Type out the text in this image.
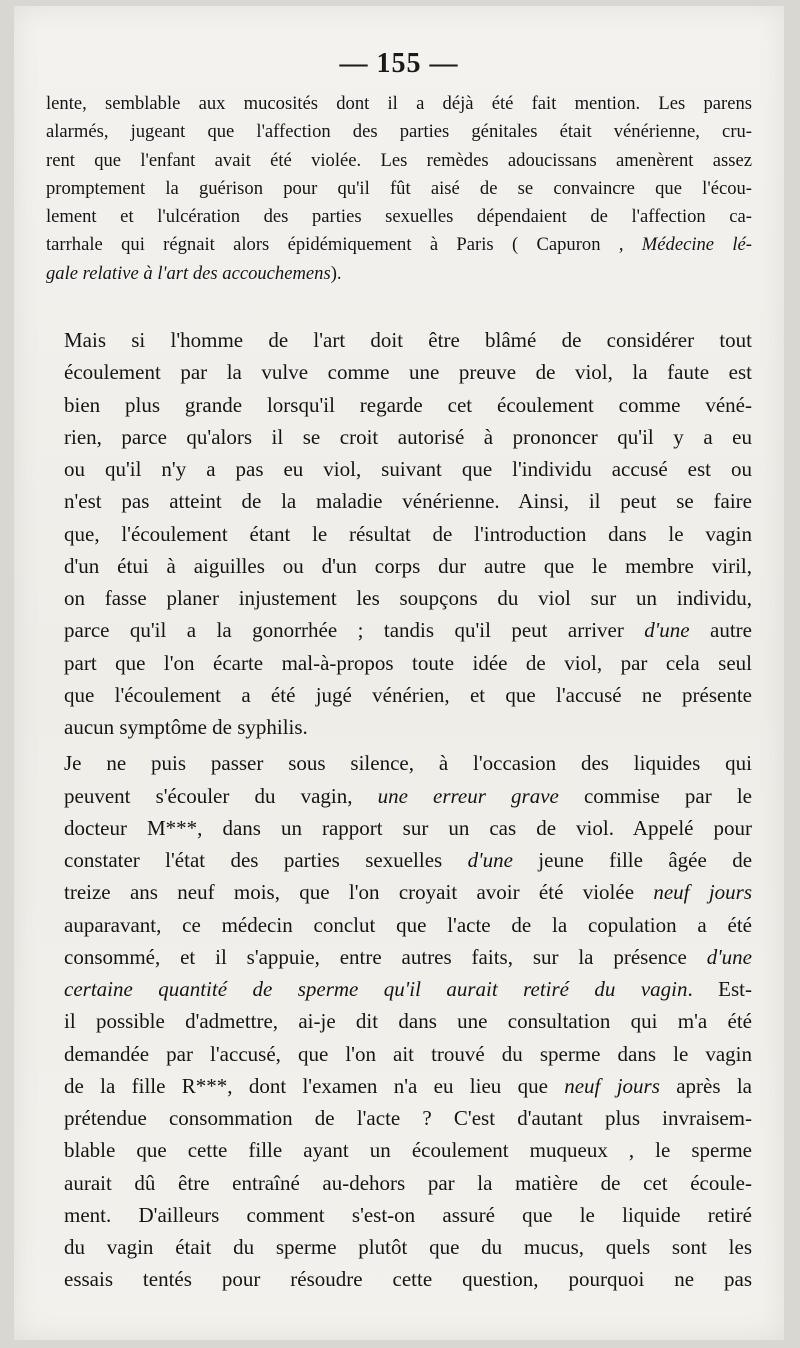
— 155 —
lente, semblable aux mucosités dont il a déjà été fait mention. Les parens
alarmés, jugeant que l'affection des parties génitales était vénérienne, cru-
rent que l'enfant avait été violée. Les remèdes adoucissans amenèrent assez
promptement la guérison pour qu'il fût aisé de se convaincre que l'écou-
lement et l'ulcération des parties sexuelles dépendaient de l'affection ca-
tarrhale qui régnait alors épidémiquement à Paris ( Capuron , Médecine lé-
gale relative à l'art des accouchemens).
Mais si l'homme de l'art doit être blâmé de considérer tout
écoulement par la vulve comme une preuve de viol, la faute est
bien plus grande lorsqu'il regarde cet écoulement comme véné-
rien, parce qu'alors il se croit autorisé à prononcer qu'il y a eu
ou qu'il n'y a pas eu viol, suivant que l'individu accusé est ou
n'est pas atteint de la maladie vénérienne. Ainsi, il peut se faire
que, l'écoulement étant le résultat de l'introduction dans le vagin
d'un étui à aiguilles ou d'un corps dur autre que le membre viril,
on fasse planer injustement les soupçons du viol sur un individu,
parce qu'il a la gonorrhée ; tandis qu'il peut arriver d'une autre
part que l'on écarte mal-à-propos toute idée de viol, par cela seul
que l'écoulement a été jugé vénérien, et que l'accusé ne présente
aucun symptôme de syphilis.
Je ne puis passer sous silence, à l'occasion des liquides qui
peuvent s'écouler du vagin, une erreur grave commise par le
docteur M***, dans un rapport sur un cas de viol. Appelé pour
constater l'état des parties sexuelles d'une jeune fille âgée de
treize ans neuf mois, que l'on croyait avoir été violée neuf jours
auparavant, ce médecin conclut que l'acte de la copulation a été
consommé, et il s'appuie, entre autres faits, sur la présence d'une
certaine quantité de sperme qu'il aurait retiré du vagin. Est-
il possible d'admettre, ai-je dit dans une consultation qui m'a été
demandée par l'accusé, que l'on ait trouvé du sperme dans le vagin
de la fille R***, dont l'examen n'a eu lieu que neuf jours après la
prétendue consommation de l'acte ? C'est d'autant plus invraisem-
blable que cette fille ayant un écoulement muqueux , le sperme
aurait dû être entraîné au-dehors par la matière de cet écoule-
ment. D'ailleurs comment s'est-on assuré que le liquide retiré
du vagin était du sperme plutôt que du mucus, quels sont les
essais tentés pour résoudre cette question, pourquoi ne pas
